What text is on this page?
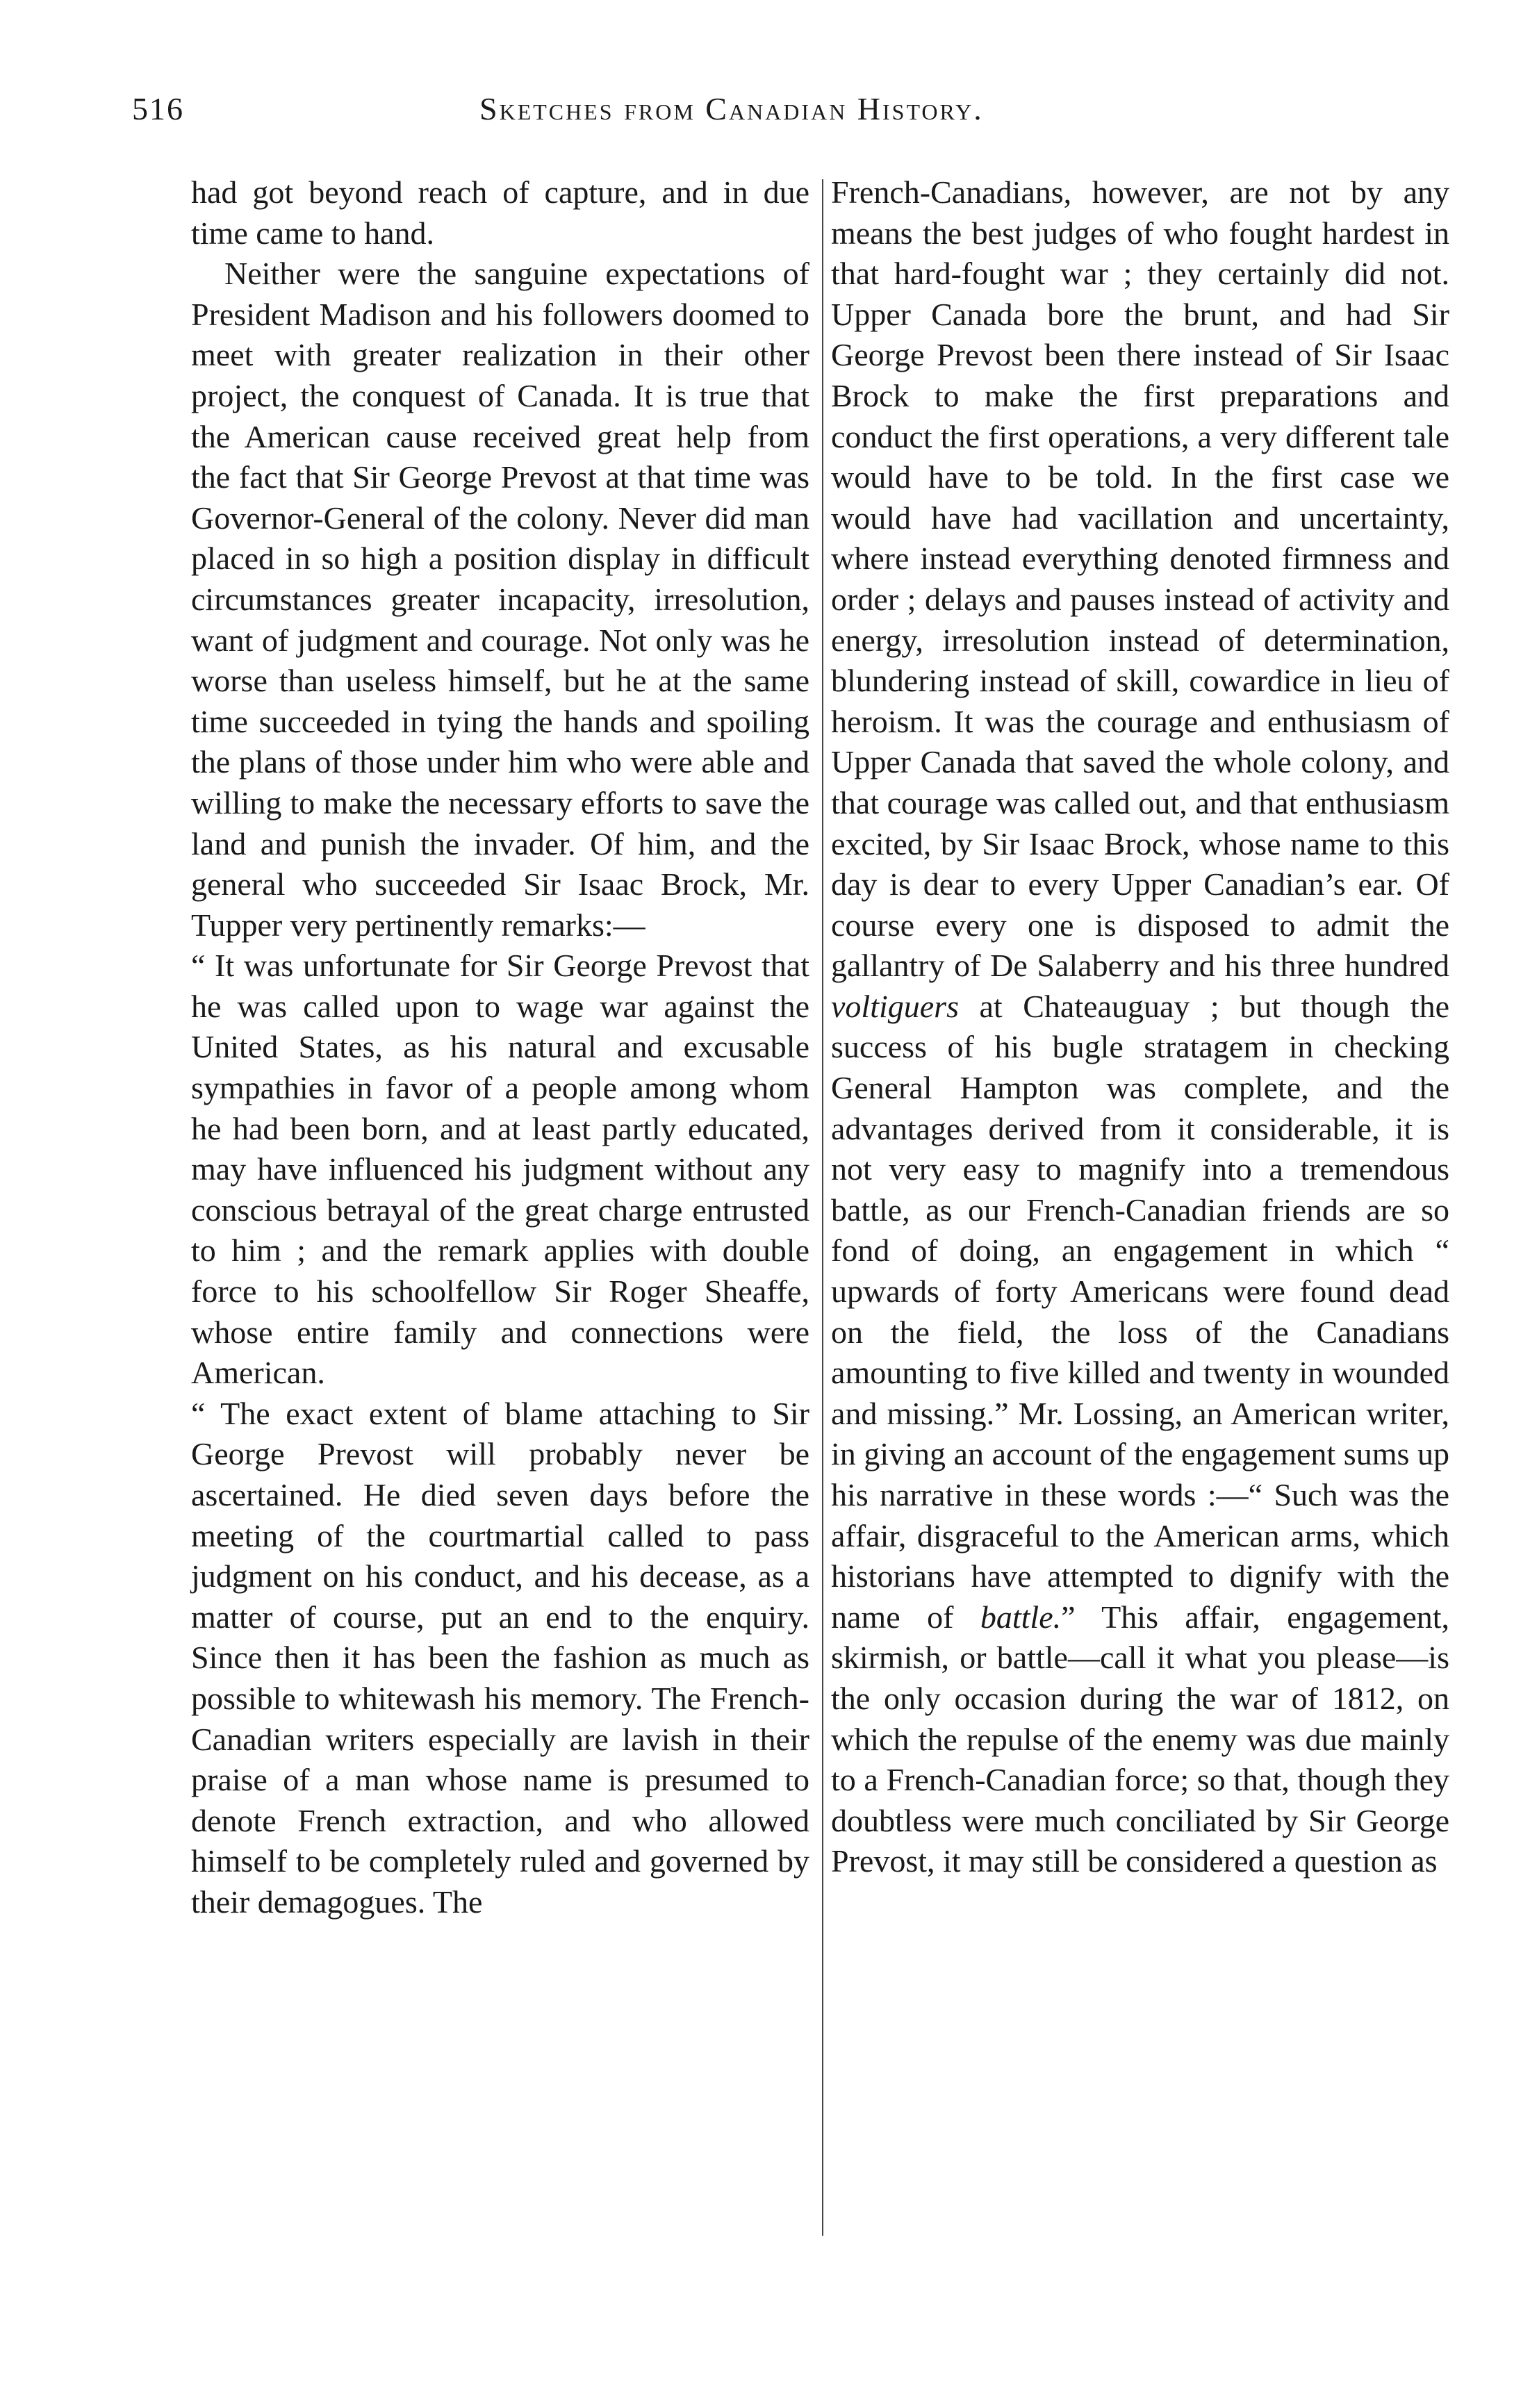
516	Sketches from Canadian History.

had got beyond reach of capture, and in due time came to hand.

Neither were the sanguine expectations of President Madison and his followers doomed to meet with greater realization in their other project, the conquest of Canada. It is true that the American cause received great help from the fact that Sir George Prevost at that time was Governor-General of the colony. Never did man placed in so high a position display in difficult circumstances greater incapacity, irresolution, want of judgment and courage. Not only was he worse than useless himself, but he at the same time succeeded in tying the hands and spoiling the plans of those under him who were able and willing to make the necessary efforts to save the land and punish the invader. Of him, and the general who succeeded Sir Isaac Brock, Mr. Tupper very pertinently remarks:—

“ It was unfortunate for Sir George Prevost that he was called upon to wage war against the United States, as his natural and excusable sympathies in favor of a people among whom he had been born, and at least partly educated, may have influenced his judgment without any conscious betrayal of the great charge entrusted to him ; and the remark applies with double force to his schoolfellow Sir Roger Sheaffe, whose entire family and connections were American.

“ The exact extent of blame attaching to Sir George Prevost will probably never be ascertained. He died seven days before the meeting of the courtmartial called to pass judgment on his conduct, and his decease, as a matter of course, put an end to the enquiry. Since then it has been the fashion as much as possible to whitewash his memory. The French-Canadian writers especially are lavish in their praise of a man whose name is presumed to denote French extraction, and who allowed himself to be completely ruled and governed by their demagogues. The

French-Canadians, however, are not by any means the best judges of who fought hardest in that hard-fought war ; they certainly did not. Upper Canada bore the brunt, and had Sir George Prevost been there instead of Sir Isaac Brock to make the first preparations and conduct the first operations, a very different tale would have to be told. In the first case we would have had vacillation and uncertainty, where instead everything denoted firmness and order ; delays and pauses instead of activity and energy, irresolution instead of determination, blundering instead of skill, cowardice in lieu of heroism. It was the courage and enthusiasm of Upper Canada that saved the whole colony, and that courage was called out, and that enthusiasm excited, by Sir Isaac Brock, whose name to this day is dear to every Upper Canadian’s ear. Of course every one is disposed to admit the gallantry of De Salaberry and his three hundred voltiguers at Chateauguay ; but though the success of his bugle stratagem in checking General Hampton was complete, and the advantages derived from it considerable, it is not very easy to magnify into a tremendous battle, as our French-Canadian friends are so fond of doing, an engagement in which “ upwards of forty Americans were found dead on the field, the loss of the Canadians amounting to five killed and twenty in wounded and missing.” Mr. Lossing, an American writer, in giving an account of the engagement sums up his narrative in these words :—“ Such was the affair, disgraceful to the American arms, which historians have attempted to dignify with the name of battle.” This affair, engagement, skirmish, or battle—call it what you please—is the only occasion during the war of 1812, on which the repulse of the enemy was due mainly to a French-Canadian force; so that, though they doubtless were much conciliated by Sir George Prevost, it may still be considered a question as
